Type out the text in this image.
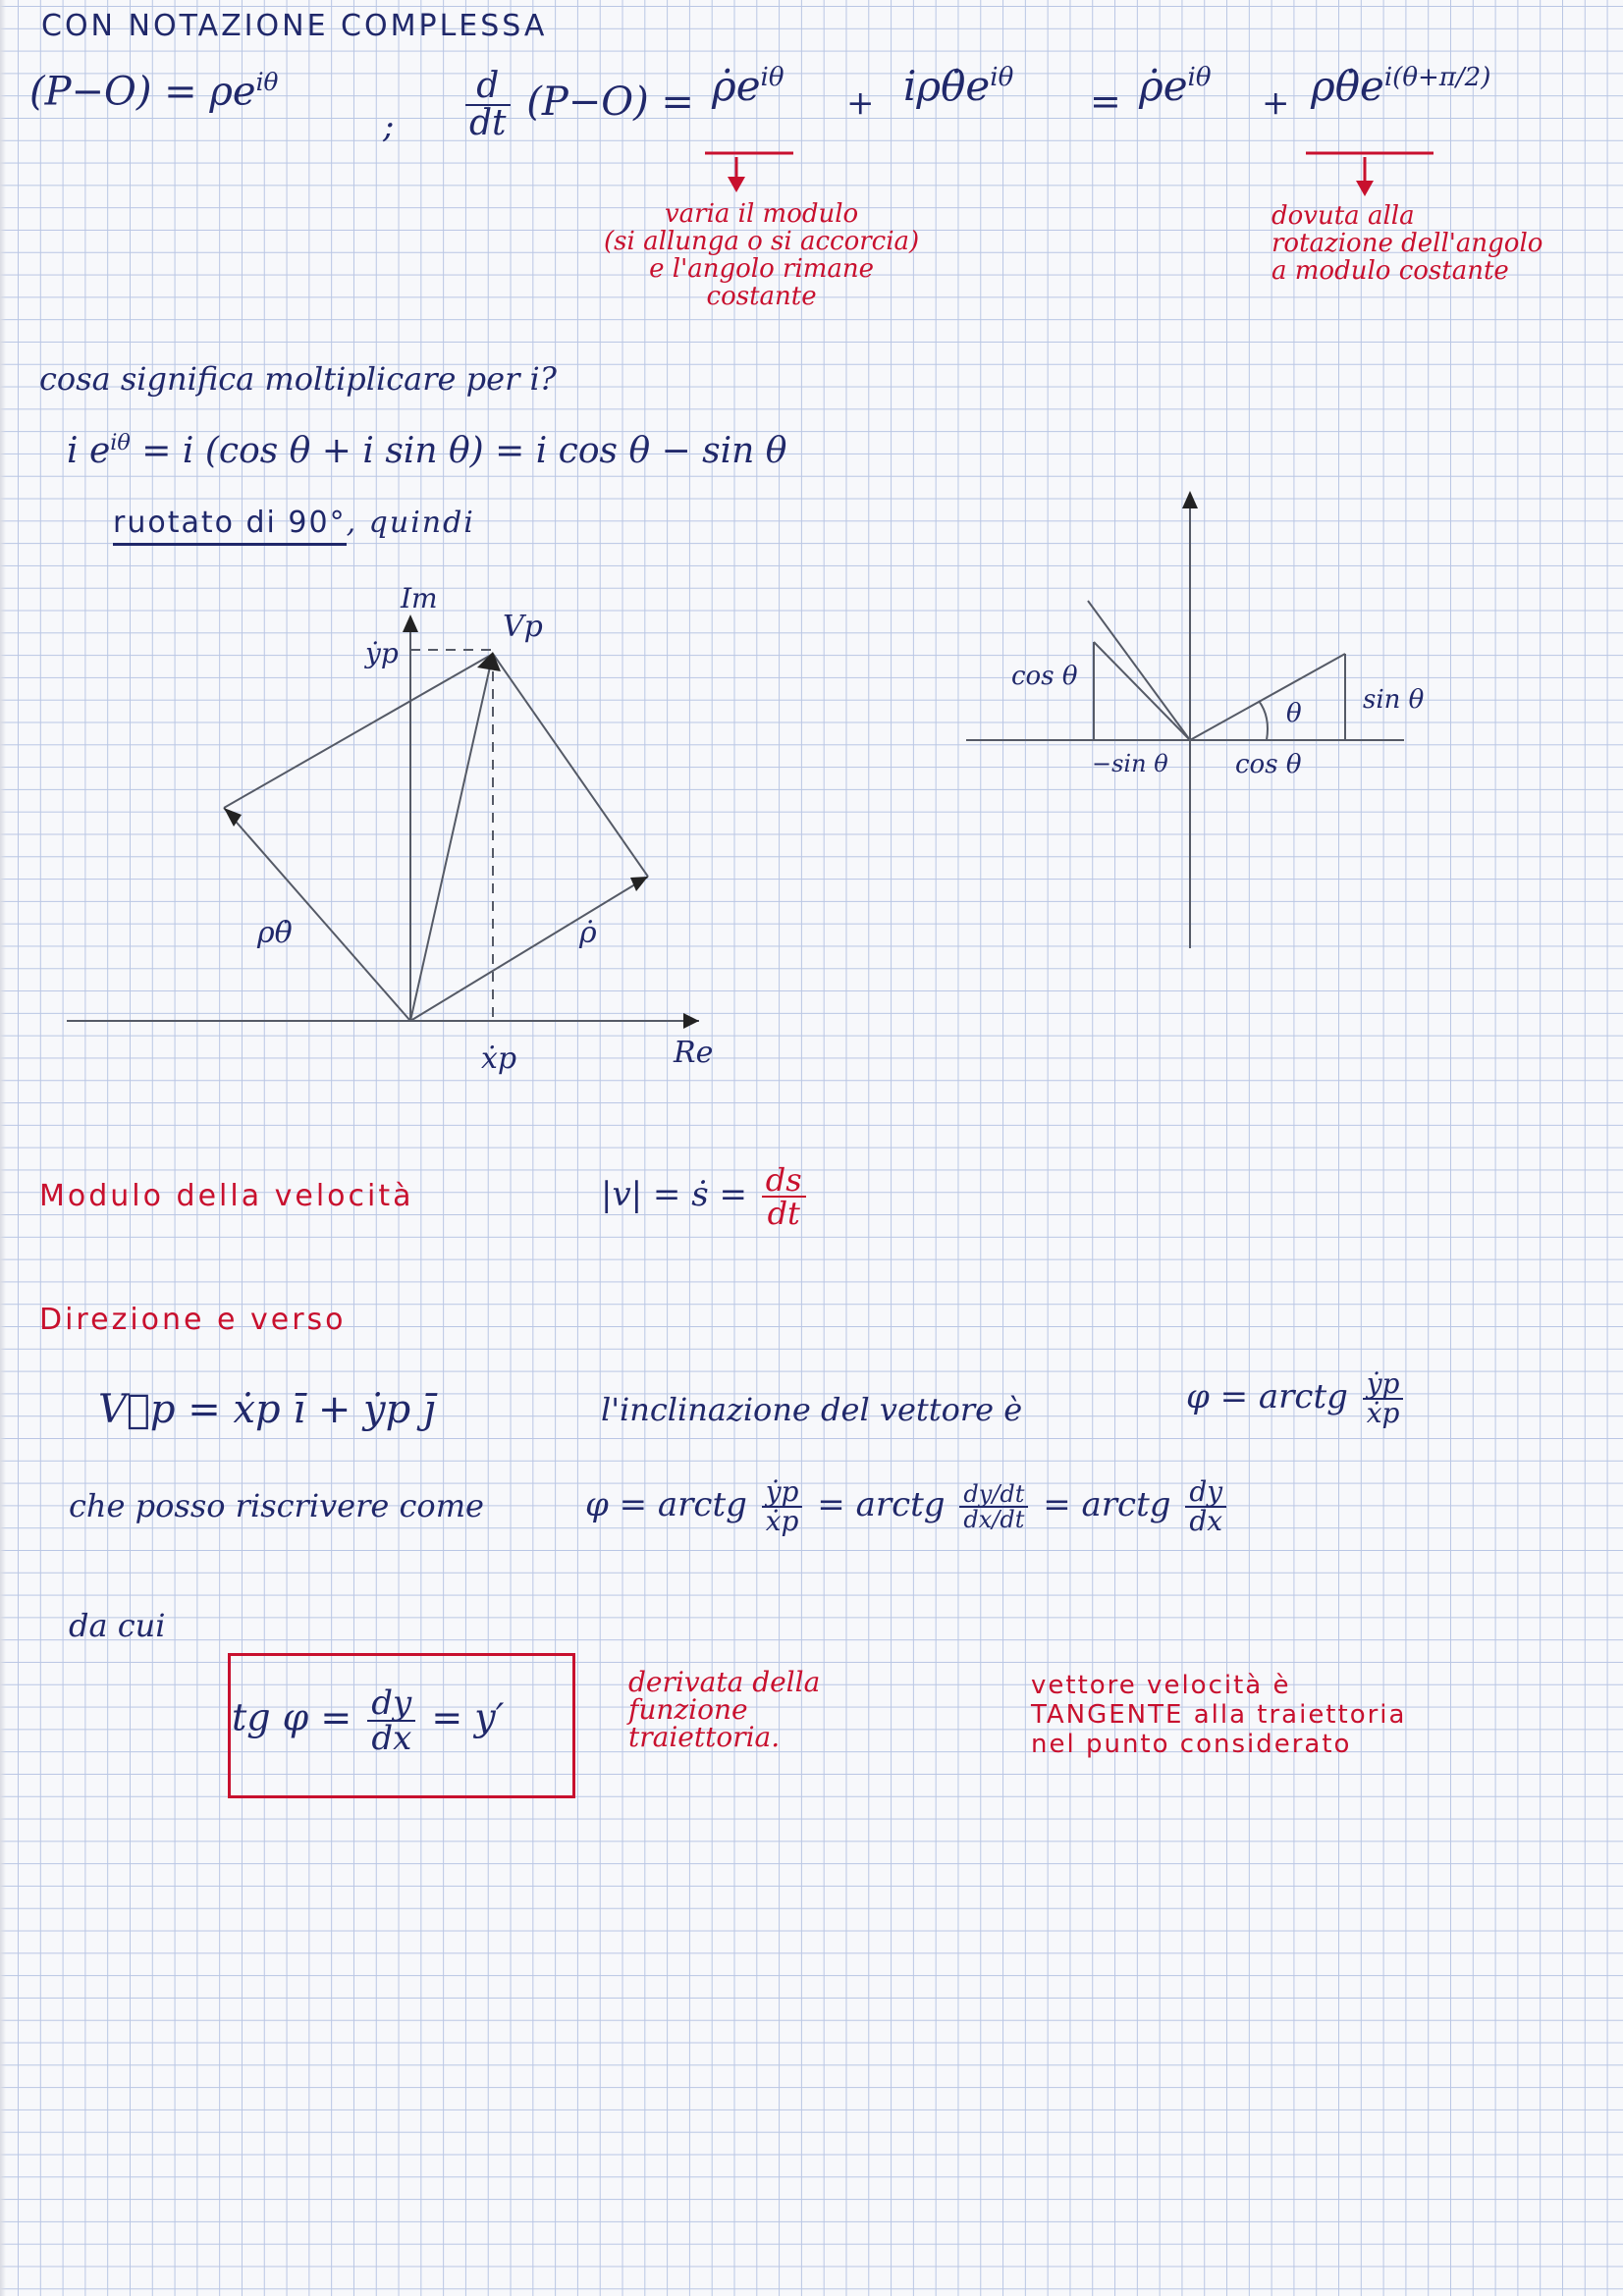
CON NOTAZIONE COMPLESSA
$(P-O) = \rho e^{i\theta}$
; $\frac{d}{dt} (P-O)$ = $\rhȯe^{i\theta}$
+ $i\rho\thetȧe^{i\theta}$
= $\rhȯe^{i\theta}$
+ $\rho\thetȧe^{i(\theta+\pi/2)}$
varia il modulo
(si allunga o si accorcia)
e l'angolo rimane
costante
dovuta alla
rotazione dell'angolo
a modulo costante
cosa significa moltiplicare per i?
i $e^{i\theta} = i$ (cos θ + i sin θ) = i cos θ − sin θ
ruotato di 90°, quindi
Im
Re
Vp
ẏp
ẋp
ρθ̇	ρ̇
cos θ
sin θ
−sin θ	cos θ
θ
Modulo della velocità	|v| = ṡ = $\frac{ds}{dt}$
Direzione e verso
V⃗p = ẋp ī + ẏp j̄	l'inclinazione del vettore è	φ = arctg $\frac{\text{ẏp}}{\text{ẋp}}$
che posso riscrivere come	φ = arctg $\frac{\text{ẏp}}{\text{ẋp}}$ = arctg $\frac{dy/dt}{dx/dt}$ = arctg $\frac{dy}{dx}$
da cui
tg $\varphi = \frac{dy}{dx} = y'$
derivata della
funzione
traiettoria.
vettore velocità è
TANGENTE alla traiettoria
nel punto considerato
